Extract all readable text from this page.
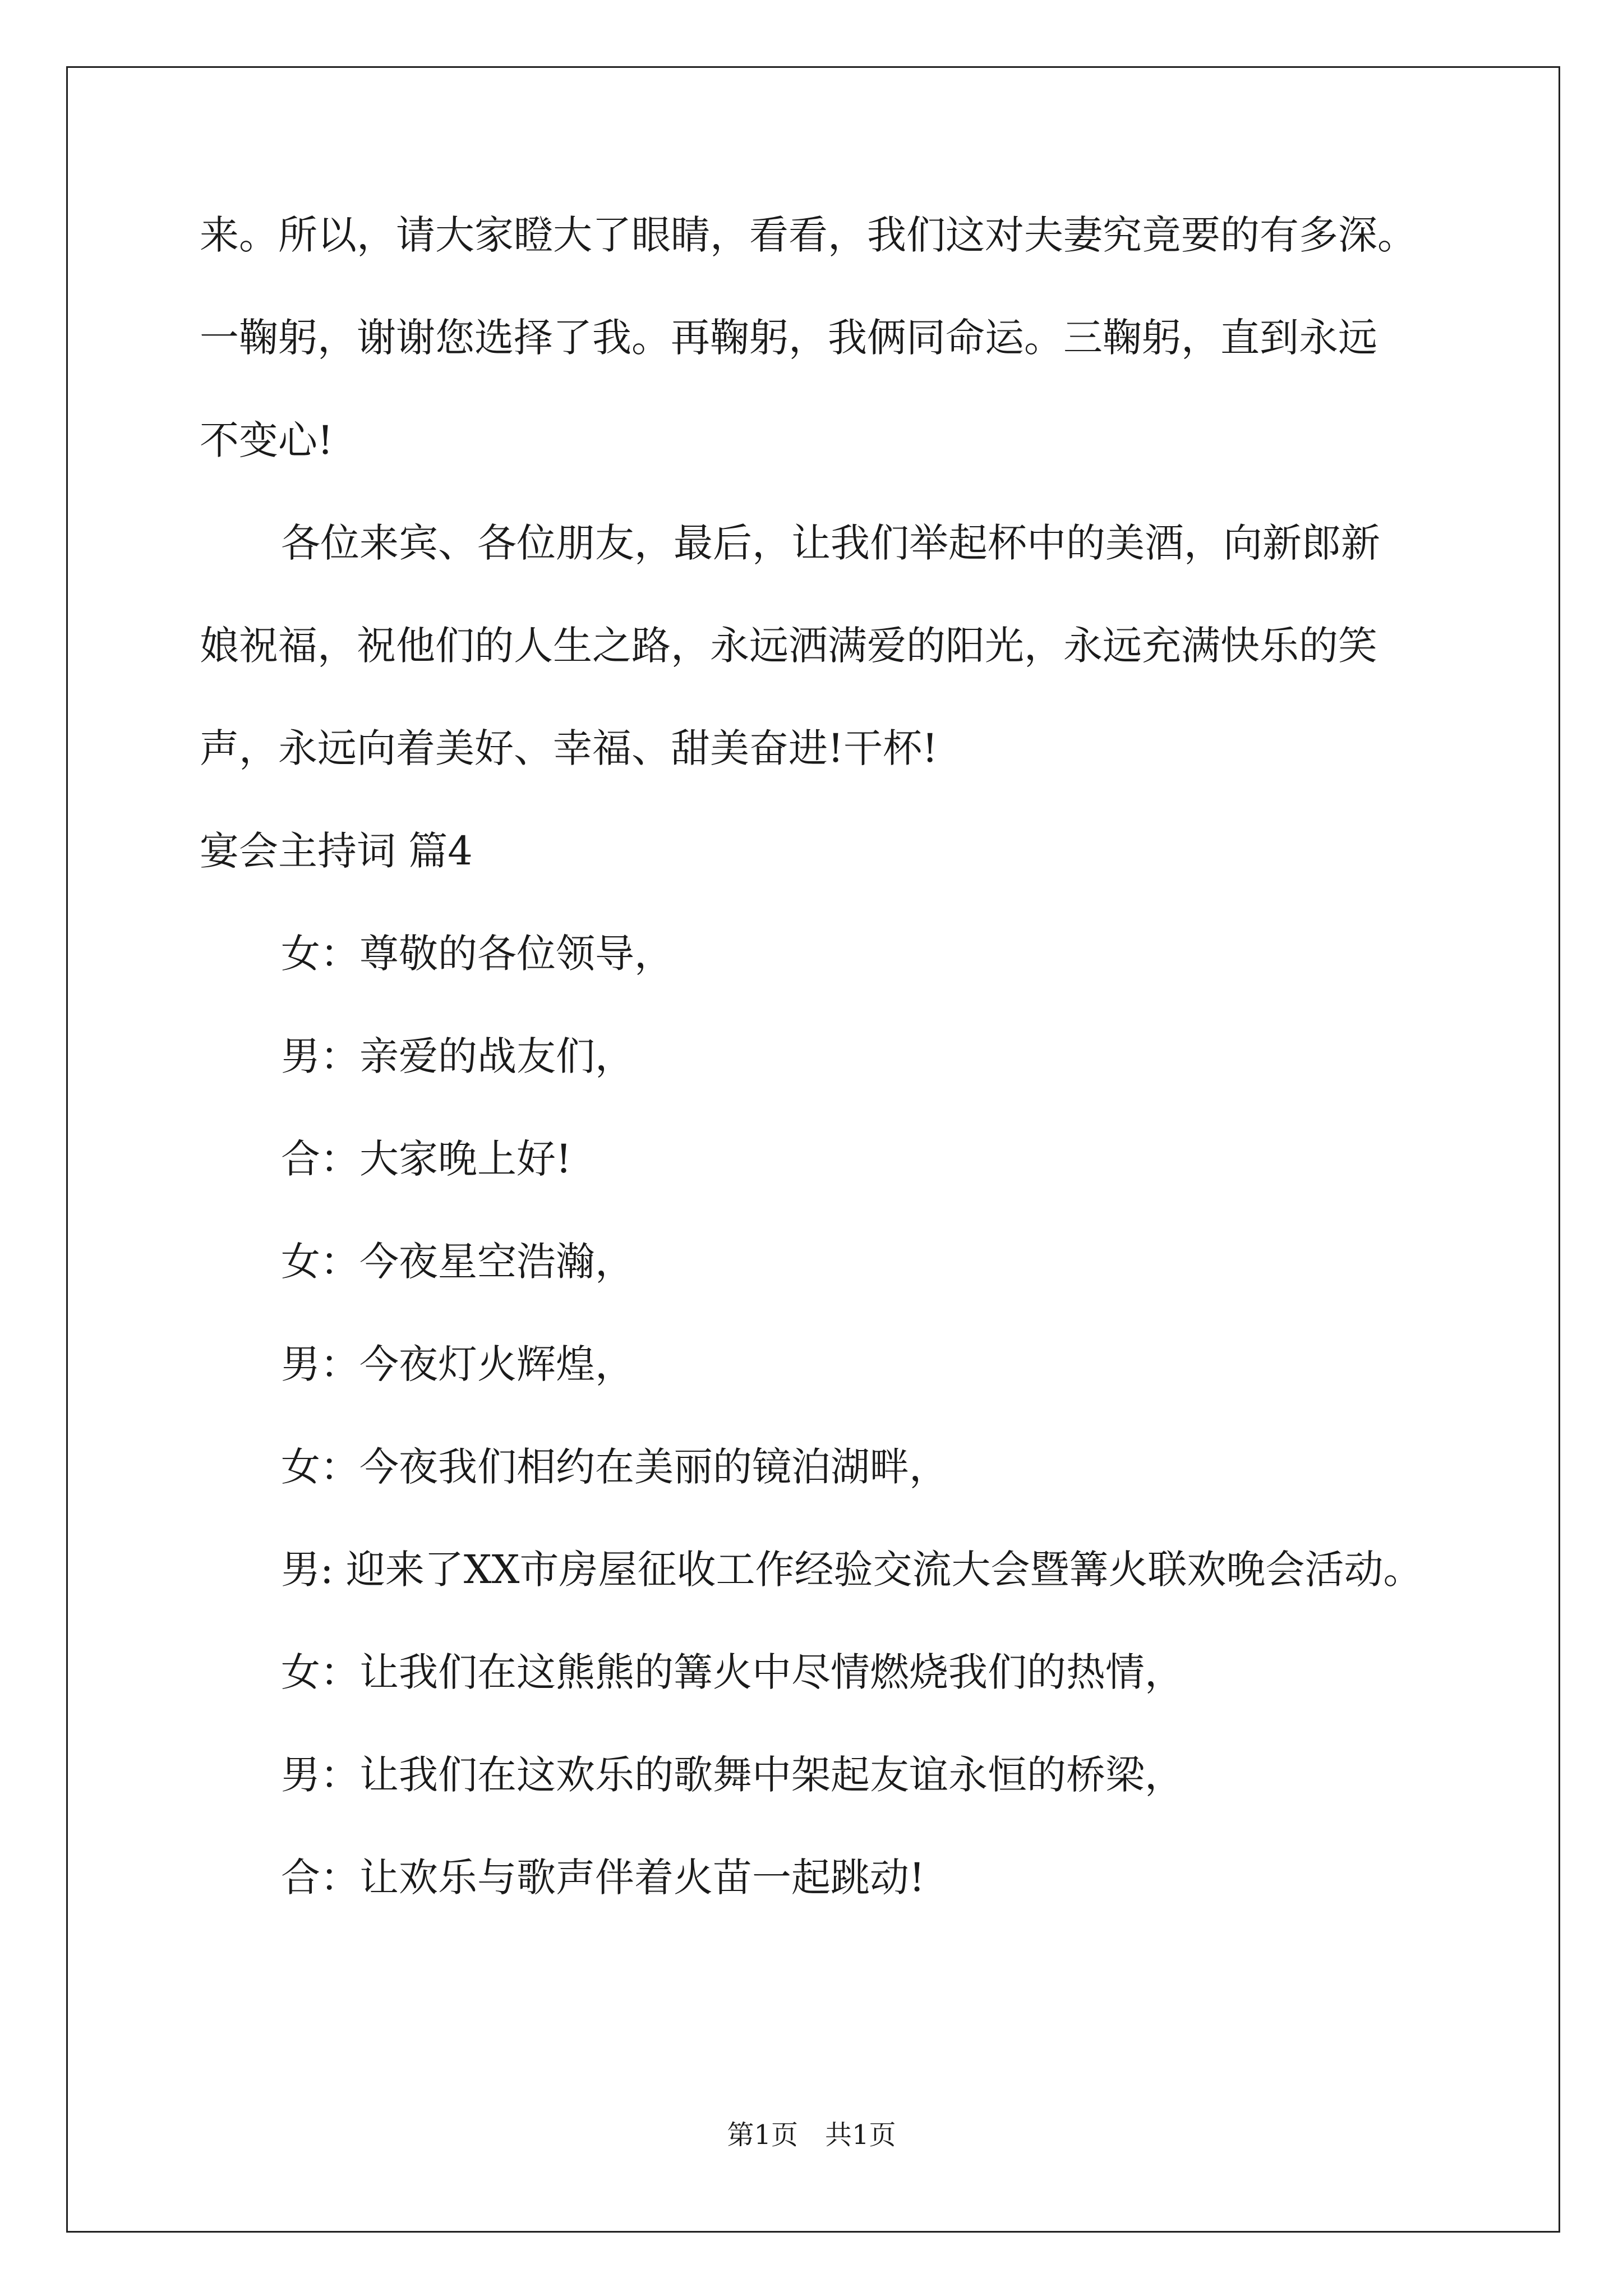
来。所以，请大家瞪大了眼睛，看看，我们这对夫妻究竟要的有多深。
一鞠躬，谢谢您选择了我。再鞠躬，我俩同命运。三鞠躬，直到永远
不变心!
各位来宾、各位朋友，最后，让我们举起杯中的美酒，向新郎新
娘祝福，祝他们的人生之路，永远洒满爱的阳光，永远充满快乐的笑
声，永远向着美好、幸福、甜美奋进!干杯!
宴会主持词 篇4
女：尊敬的各位领导，
男：亲爱的战友们，
合：大家晚上好!
女：今夜星空浩瀚，
男：今夜灯火辉煌，
女：今夜我们相约在美丽的镜泊湖畔，
男: 迎来了XX市房屋征收工作经验交流大会暨篝火联欢晚会活动。
女：让我们在这熊熊的篝火中尽情燃烧我们的热情，
男：让我们在这欢乐的歌舞中架起友谊永恒的桥梁，
合：让欢乐与歌声伴着火苗一起跳动!
第1页　共1页
